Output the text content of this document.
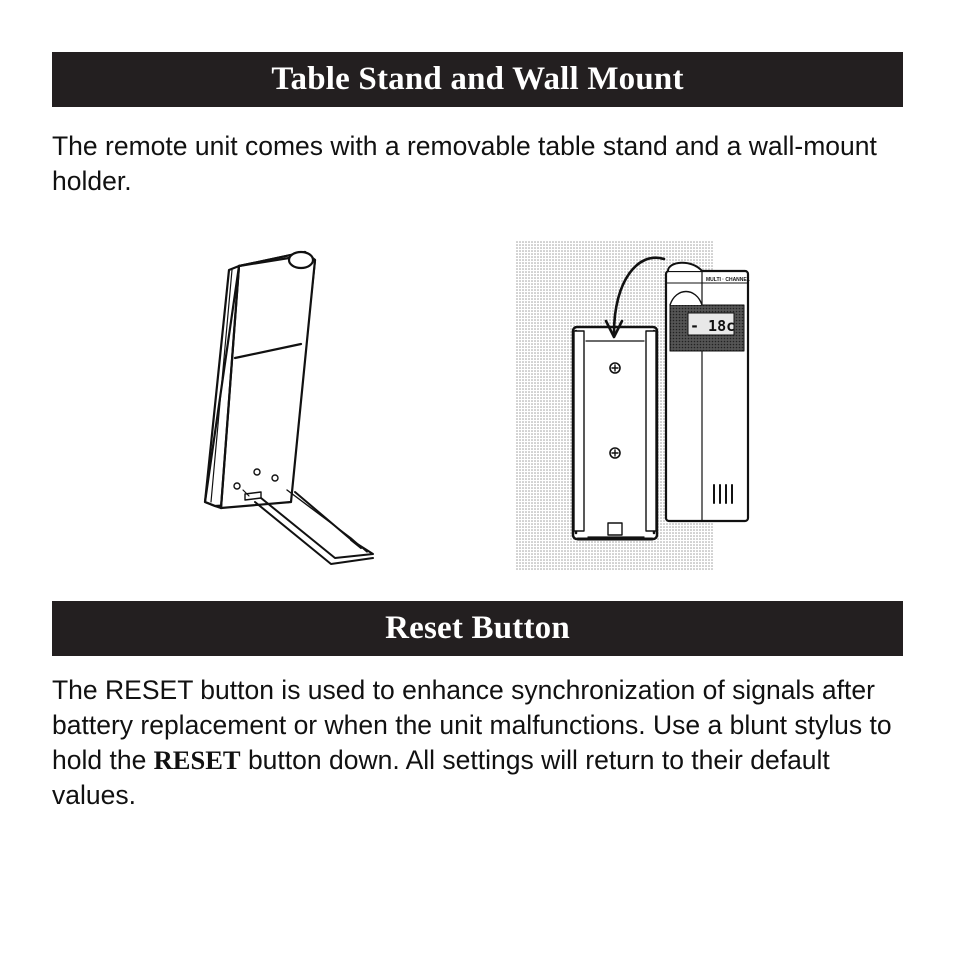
Table Stand and Wall Mount

The remote unit comes with a removable table stand and a wall-mount holder.

MULTI · CHANNEL
- 18c
Reset Button

The RESET button is used to enhance synchronization of signals after battery replacement or when the unit malfunctions. Use a blunt stylus to hold the RESET button down. All settings will return to their default values.
